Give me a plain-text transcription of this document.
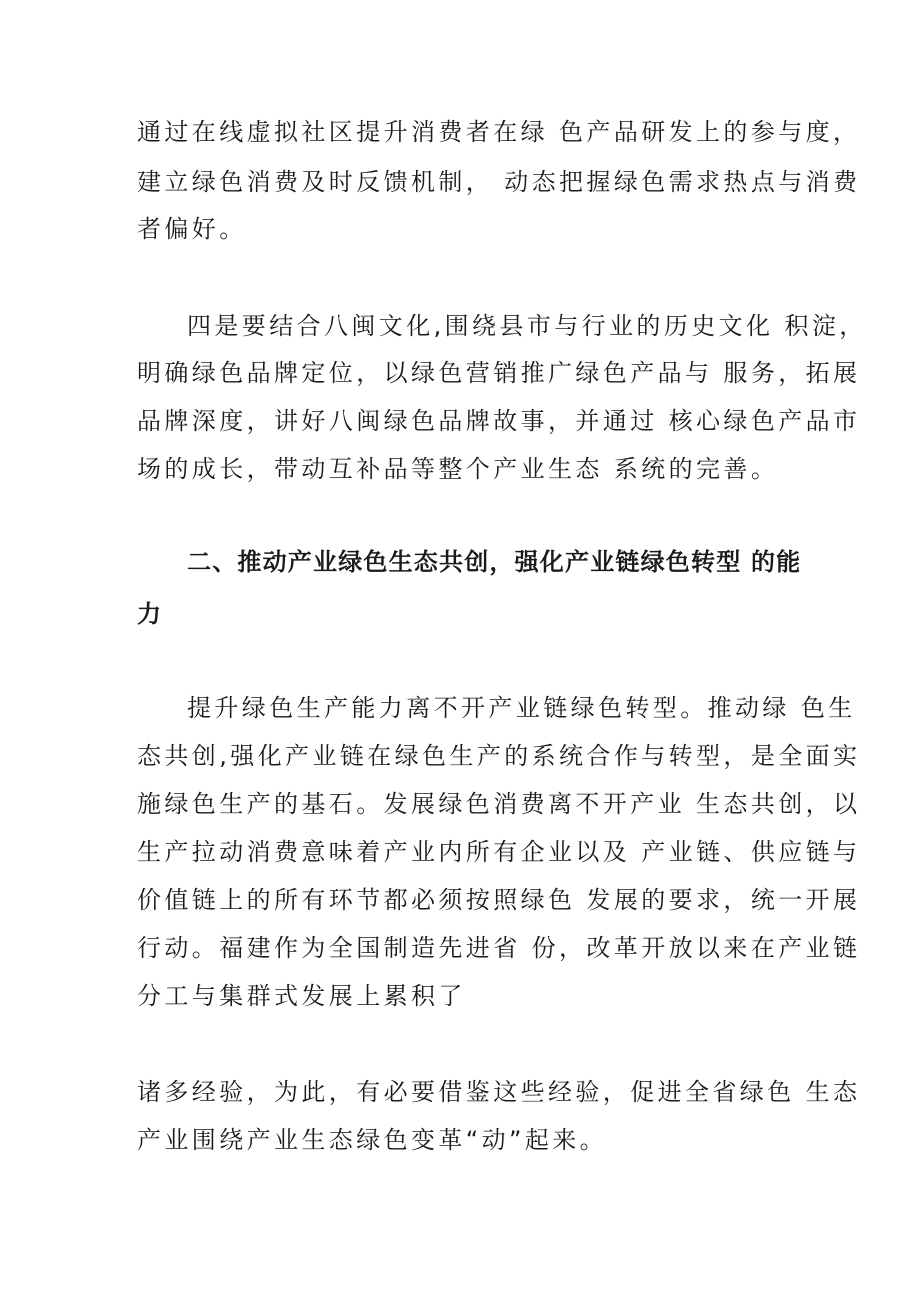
通过在线虚拟社区提升消费者在绿 色产品研发上的参与度，
建立绿色消费及时反馈机制， 动态把握绿色需求热点与消费
者偏好。
四是要结合八闽文化,围绕县市与行业的历史文化 积淀，
明确绿色品牌定位，以绿色营销推广绿色产品与 服务，拓展
品牌深度，讲好八闽绿色品牌故事，并通过 核心绿色产品市
场的成长，带动互补品等整个产业生态 系统的完善。
二、推动产业绿色生态共创，强化产业链绿色转型 的能
力
提升绿色生产能力离不开产业链绿色转型。推动绿 色生
态共创,强化产业链在绿色生产的系统合作与转型，是全面实
施绿色生产的基石。发展绿色消费离不开产业 生态共创，以
生产拉动消费意味着产业内所有企业以及 产业链、供应链与
价值链上的所有环节都必须按照绿色 发展的要求，统一开展
行动。福建作为全国制造先进省 份，改革开放以来在产业链
分工与集群式发展上累积了
诸多经验，为此，有必要借鉴这些经验，促进全省绿色 生态
产业围绕产业生态绿色变革“动”起来。
